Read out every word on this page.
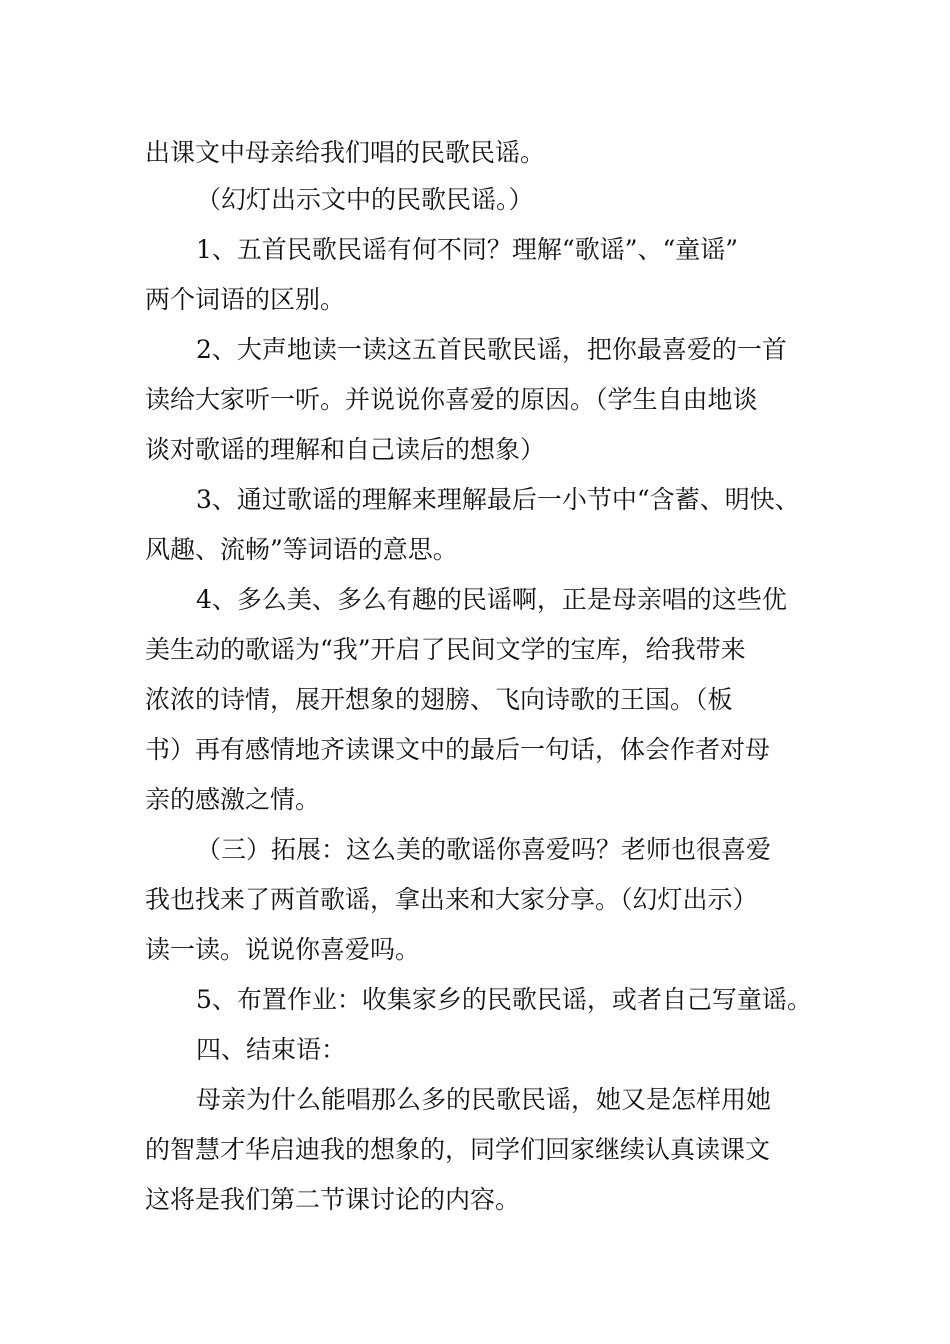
出课文中母亲给我们唱的民歌民谣。

（幻灯出示文中的民歌民谣。）

1、五首民歌民谣有何不同？理解“歌谣”、“童谣”

两个词语的区别。

2、大声地读一读这五首民歌民谣，把你最喜爱的一首

读给大家听一听。并说说你喜爱的原因。（学生自由地谈

谈对歌谣的理解和自己读后的想象）

3、通过歌谣的理解来理解最后一小节中“含蓄、明快、

风趣、流畅”等词语的意思。

4、多么美、多么有趣的民谣啊，正是母亲唱的这些优

美生动的歌谣为“我”开启了民间文学的宝库，给我带来

浓浓的诗情，展开想象的翅膀、飞向诗歌的王国。（板

书）再有感情地齐读课文中的最后一句话，体会作者对母

亲的感激之情。

（三）拓展：这么美的歌谣你喜爱吗？老师也很喜爱

我也找来了两首歌谣，拿出来和大家分享。（幻灯出示）

读一读。说说你喜爱吗。

5、布置作业：收集家乡的民歌民谣，或者自己写童谣。

四、结束语：

母亲为什么能唱那么多的民歌民谣，她又是怎样用她

的智慧才华启迪我的想象的，同学们回家继续认真读课文

这将是我们第二节课讨论的内容。
